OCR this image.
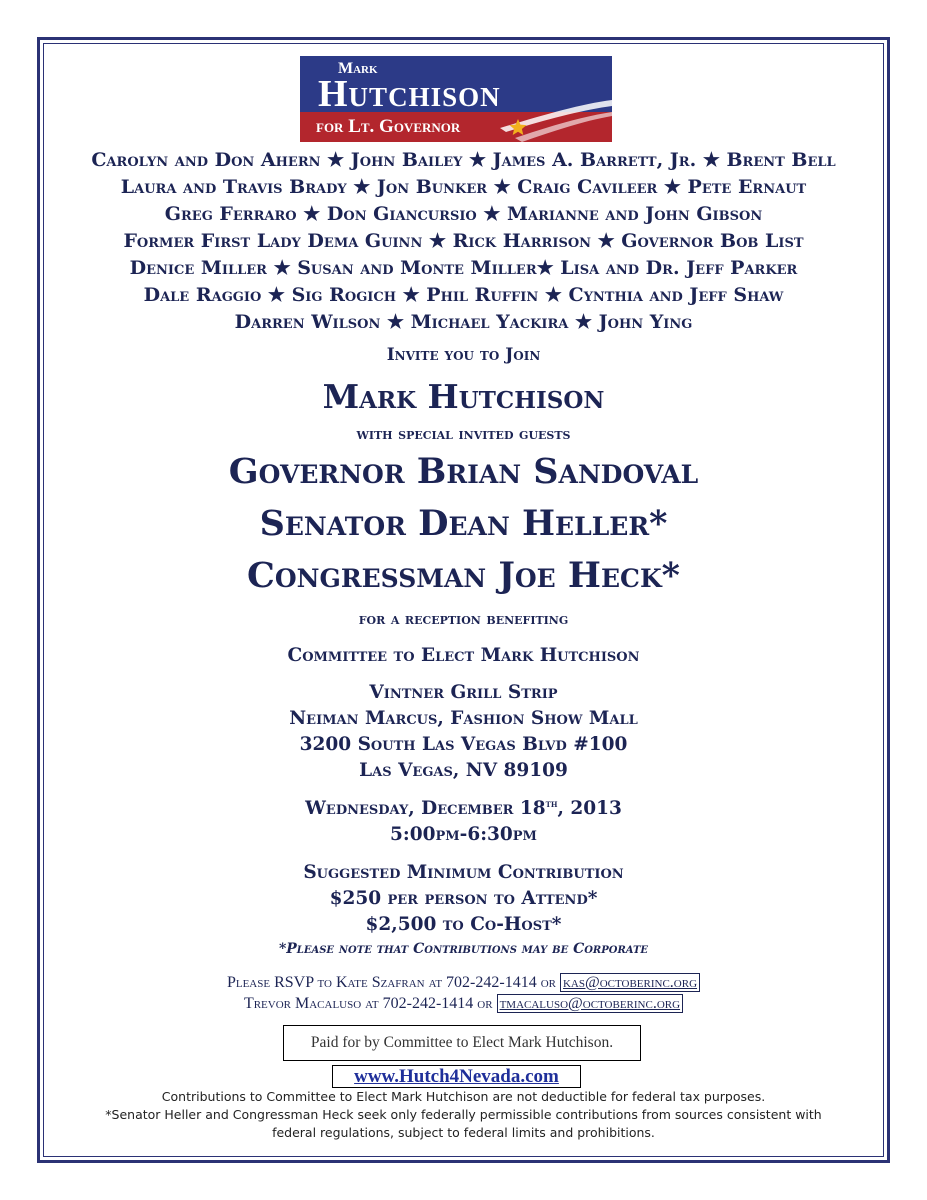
Mark
Hutchison
for Lt. Governor
Carolyn and Don Ahern ★ John Bailey ★ James A. Barrett, Jr. ★ Brent Bell
Laura and Travis Brady ★ Jon Bunker ★ Craig Cavileer ★ Pete Ernaut
Greg Ferraro ★ Don Giancursio ★ Marianne and John Gibson
Former First Lady Dema Guinn ★ Rick Harrison ★ Governor Bob List
Denice Miller ★ Susan and Monte Miller★ Lisa and Dr. Jeff Parker
Dale Raggio ★ Sig Rogich ★ Phil Ruffin ★ Cynthia and Jeff Shaw
Darren Wilson ★ Michael Yackira ★ John Ying
Invite you to Join
Mark Hutchison
with special invited guests
Governor Brian Sandoval
Senator Dean Heller*
Congressman Joe Heck*
for a reception benefiting
Committee to Elect Mark Hutchison
Vintner Grill Strip
Neiman Marcus, Fashion Show Mall
3200 South Las Vegas Blvd #100
Las Vegas, NV 89109
Wednesday, December 18th, 2013
5:00pm-6:30pm
Suggested Minimum Contribution
$250 per person to Attend*
$2,500 to Co-Host*
*Please note that Contributions may be Corporate
Please RSVP to Kate Szafran at 702-242-1414 or kas@octoberinc.org
Trevor Macaluso at 702-242-1414 or tmacaluso@octoberinc.org
Paid for by Committee to Elect Mark Hutchison.
www.Hutch4Nevada.com
Contributions to Committee to Elect Mark Hutchison are not deductible for federal tax purposes.
*Senator Heller and Congressman Heck seek only federally permissible contributions from sources consistent with
federal regulations, subject to federal limits and prohibitions.
